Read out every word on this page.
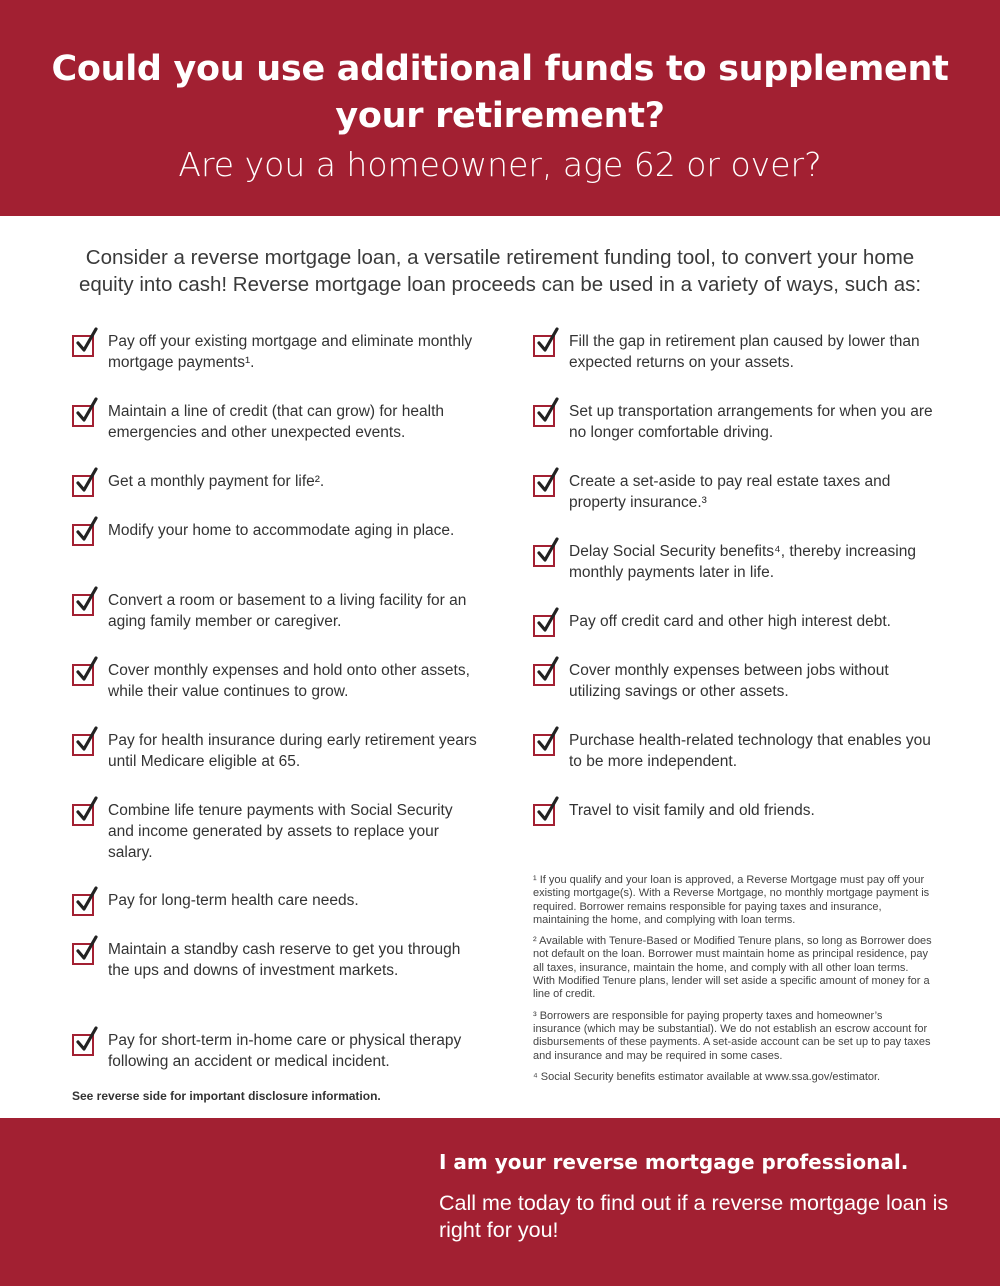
Could you use additional funds to supplement your retirement?
Are you a homeowner, age 62 or over?
Consider a reverse mortgage loan, a versatile retirement funding tool, to convert your home equity into cash! Reverse mortgage loan proceeds can be used in a variety of ways, such as:
Pay off your existing mortgage and eliminate monthly mortgage payments¹.
Maintain a line of credit (that can grow) for health emergencies and other unexpected events.
Get a monthly payment for life².
Modify your home to accommodate aging in place.
Convert a room or basement to a living facility for an aging family member or caregiver.
Cover monthly expenses and hold onto other assets, while their value continues to grow.
Pay for health insurance during early retirement years until Medicare eligible at 65.
Combine life tenure payments with Social Security and income generated by assets to replace your salary.
Pay for long-term health care needs.
Maintain a standby cash reserve to get you through the ups and downs of investment markets.
Pay for short-term in-home care or physical therapy following an accident or medical incident.
Fill the gap in retirement plan caused by lower than expected returns on your assets.
Set up transportation arrangements for when you are no longer comfortable driving.
Create a set-aside to pay real estate taxes and property insurance.³
Delay Social Security benefits⁴, thereby increasing monthly payments later in life.
Pay off credit card and other high interest debt.
Cover monthly expenses between jobs without utilizing savings or other assets.
Purchase health-related technology that enables you to be more independent.
Travel to visit family and old friends.
See reverse side for important disclosure information.

¹ If you qualify and your loan is approved, a Reverse Mortgage must pay off your existing mortgage(s). With a Reverse Mortgage, no monthly mortgage payment is required. Borrower remains responsible for paying taxes and insurance, maintaining the home, and complying with loan terms.

² Available with Tenure-Based or Modified Tenure plans, so long as Borrower does not default on the loan. Borrower must maintain home as principal residence, pay all taxes, insurance, maintain the home, and comply with all other loan terms. With Modified Tenure plans, lender will set aside a specific amount of money for a line of credit.

³ Borrowers are responsible for paying property taxes and homeowner’s insurance (which may be substantial). We do not establish an escrow account for disbursements of these payments. A set-aside account can be set up to pay taxes and insurance and may be required in some cases.

⁴ Social Security benefits estimator available at www.ssa.gov/estimator.

I am your reverse mortgage professional.
Call me today to find out if a reverse mortgage loan is right for you!
